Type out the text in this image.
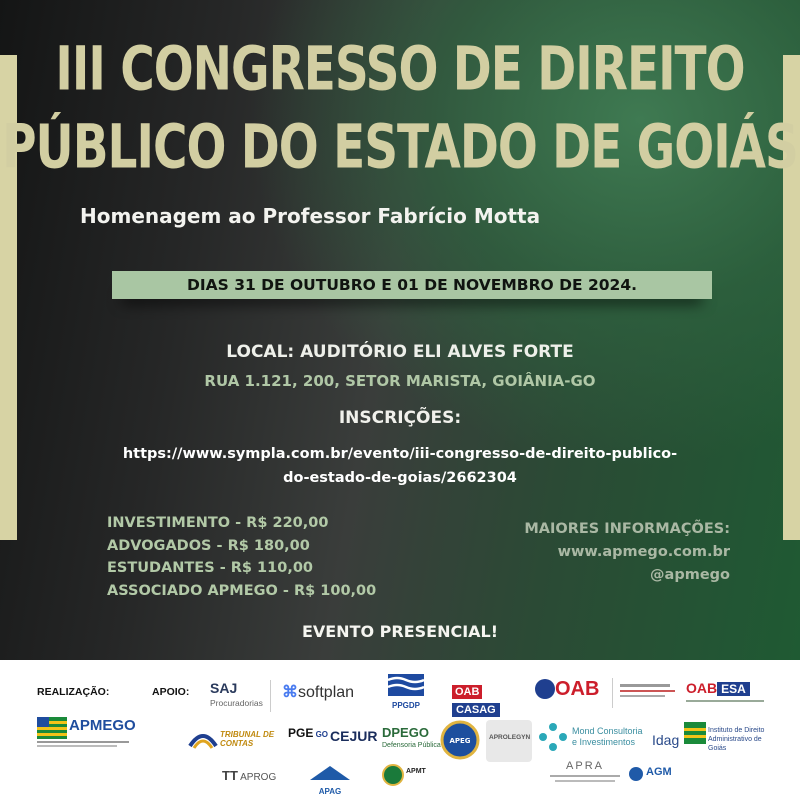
III CONGRESSO DE DIREITO
PÚBLICO DO ESTADO DE GOIÁS

Homenagem ao Professor Fabrício Motta

DIAS 31 DE OUTUBRO E 01 DE NOVEMBRO DE 2024.
LOCAL: AUDITÓRIO ELI ALVES FORTE
RUA 1.121, 200, SETOR MARISTA, GOIÂNIA-GO
INSCRIÇÕES:
https://www.sympla.com.br/evento/iii-congresso-de-direito-publico-
do-estado-de-goias/2662304
INVESTIMENTO - R$ 220,00
ADVOGADOS - R$ 180,00
ESTUDANTES - R$ 110,00
ASSOCIADO APMEGO - R$ 100,00
MAIORES INFORMAÇÕES:
www.apmego.com.br
@apmego
EVENTO PRESENCIAL!
REALIZAÇÃO:	APOIO:
APMEGO
SAJ
Procuradorias
⌘softplan
PPGDP
OABCASAG
OAB	OAB ESA
TRIBUNAL DE CONTAS
PGE GO CEJUR DPEGO
Defensoria Pública
APEG	APROLEGYN
Mond Consultoria e Investimentos	Idag
Instituto de Direito Administrativo de Goiás
TT APROG
APAG
APMT	APRA	AGM
